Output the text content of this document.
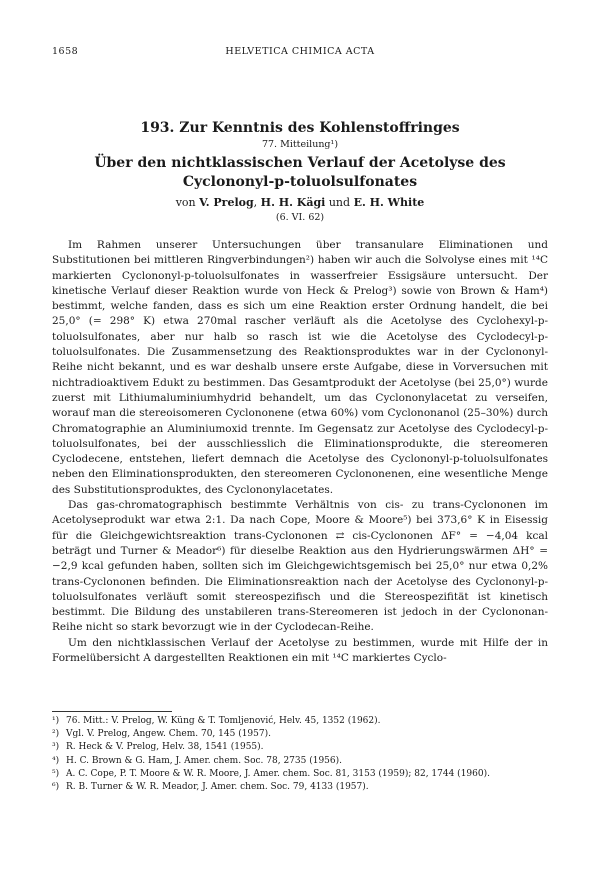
1658	HELVETICA CHIMICA ACTA
193. Zur Kenntnis des Kohlenstoffringes
77. Mitteilung¹)
Über den nichtklassischen Verlauf der Acetolyse des
Cyclononyl-p-toluolsulfonates
von V. Prelog, H. H. Kägi und E. H. White
(6. VI. 62)

Im Rahmen unserer Untersuchungen über transanulare Eliminationen und Substitutionen bei mittleren Ringverbindungen²) haben wir auch die Solvolyse eines mit ¹⁴C markierten Cyclononyl-p-toluolsulfonates in wasserfreier Essigsäure untersucht. Der kinetische Verlauf dieser Reaktion wurde von Heck & Prelog³) sowie von Brown & Ham⁴) bestimmt, welche fanden, dass es sich um eine Reaktion erster Ordnung handelt, die bei 25,0° (= 298° K) etwa 270mal rascher verläuft als die Acetolyse des Cyclohexyl-p-toluolsulfonates, aber nur halb so rasch ist wie die Acetolyse des Cyclodecyl-p-toluolsulfonates. Die Zusammensetzung des Reaktionsproduktes war in der Cyclononyl-Reihe nicht bekannt, und es war deshalb unsere erste Aufgabe, diese in Vorversuchen mit nichtradioaktivem Edukt zu bestimmen. Das Gesamtprodukt der Acetolyse (bei 25,0°) wurde zuerst mit Lithiumaluminiumhydrid behandelt, um das Cyclononylacetat zu verseifen, worauf man die stereoisomeren Cyclononene (etwa 60%) vom Cyclononanol (25–30%) durch Chromatographie an Aluminiumoxid trennte. Im Gegensatz zur Acetolyse des Cyclodecyl-p-toluolsulfonates, bei der ausschliesslich die Eliminationsprodukte, die stereomeren Cyclodecene, entstehen, liefert demnach die Acetolyse des Cyclononyl-p-toluolsulfonates neben den Eliminationsprodukten, den stereomeren Cyclononenen, eine wesentliche Menge des Substitutionsproduktes, des Cyclononylacetates.

Das gas-chromatographisch bestimmte Verhältnis von cis- zu trans-Cyclononen im Acetolyseprodukt war etwa 2:1. Da nach Cope, Moore & Moore⁵) bei 373,6° K in Eisessig für die Gleichgewichtsreaktion trans-Cyclononen ⇄ cis-Cyclononen ΔF° = −4,04 kcal beträgt und Turner & Meador⁶) für dieselbe Reaktion aus den Hydrierungswärmen ΔH° = −2,9 kcal gefunden haben, sollten sich im Gleichgewichtsgemisch bei 25,0° nur etwa 0,2% trans-Cyclononen befinden. Die Eliminationsreaktion nach der Acetolyse des Cyclononyl-p-toluolsulfonates verläuft somit stereospezifisch und die Stereospezifität ist kinetisch bestimmt. Die Bildung des unstabileren trans-Stereomeren ist jedoch in der Cyclononan-Reihe nicht so stark bevorzugt wie in der Cyclodecan-Reihe.

Um den nichtklassischen Verlauf der Acetolyse zu bestimmen, wurde mit Hilfe der in Formelübersicht A dargestellten Reaktionen ein mit ¹⁴C markiertes Cyclo-

¹) 76. Mitt.: V. Prelog, W. Küng & T. Tomljenović, Helv. 45, 1352 (1962).
²) Vgl. V. Prelog, Angew. Chem. 70, 145 (1957).
³) R. Heck & V. Prelog, Helv. 38, 1541 (1955).
⁴) H. C. Brown & G. Ham, J. Amer. chem. Soc. 78, 2735 (1956).
⁵) A. C. Cope, P. T. Moore & W. R. Moore, J. Amer. chem. Soc. 81, 3153 (1959); 82, 1744 (1960).
⁶) R. B. Turner & W. R. Meador, J. Amer. chem. Soc. 79, 4133 (1957).
